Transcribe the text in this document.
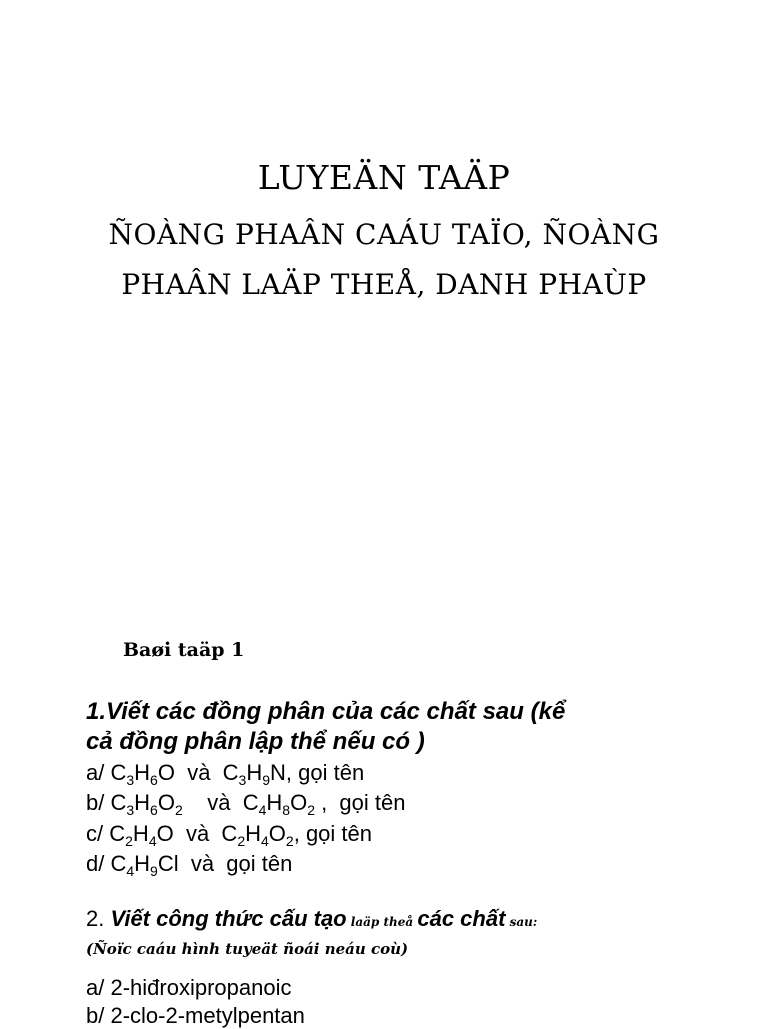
LUYEÄN TAÄP
ÑOÀNG PHAÂN CAÁU TAÏO, ÑOÀNG
PHAÂN LAÄP THEÅ, DANH PHAÙP
Baøi taäp 1
1.Viết các đồng phân của các chất sau (kể
cả đồng phân lập thể nếu có )
a/ $C_3H_6O$  và  $C_3H_9N$, gọi tên
b/ $C_3H_6O_2$    và  $C_4H_8O_2$ ,  gọi tên
c/ $C_2H_4O$  và  $C_2H_4O_2$, gọi tên
d/ $C_4H_9Cl$  và  gọi tên
2. Viết công thức cấu tạo laäp theå các chất sau:
(Ñoïc caáu hình tuyeät ñoái neáu coù)
a/ 2-hiđroxipropanoic
b/ 2-clo-2-metylpentan
